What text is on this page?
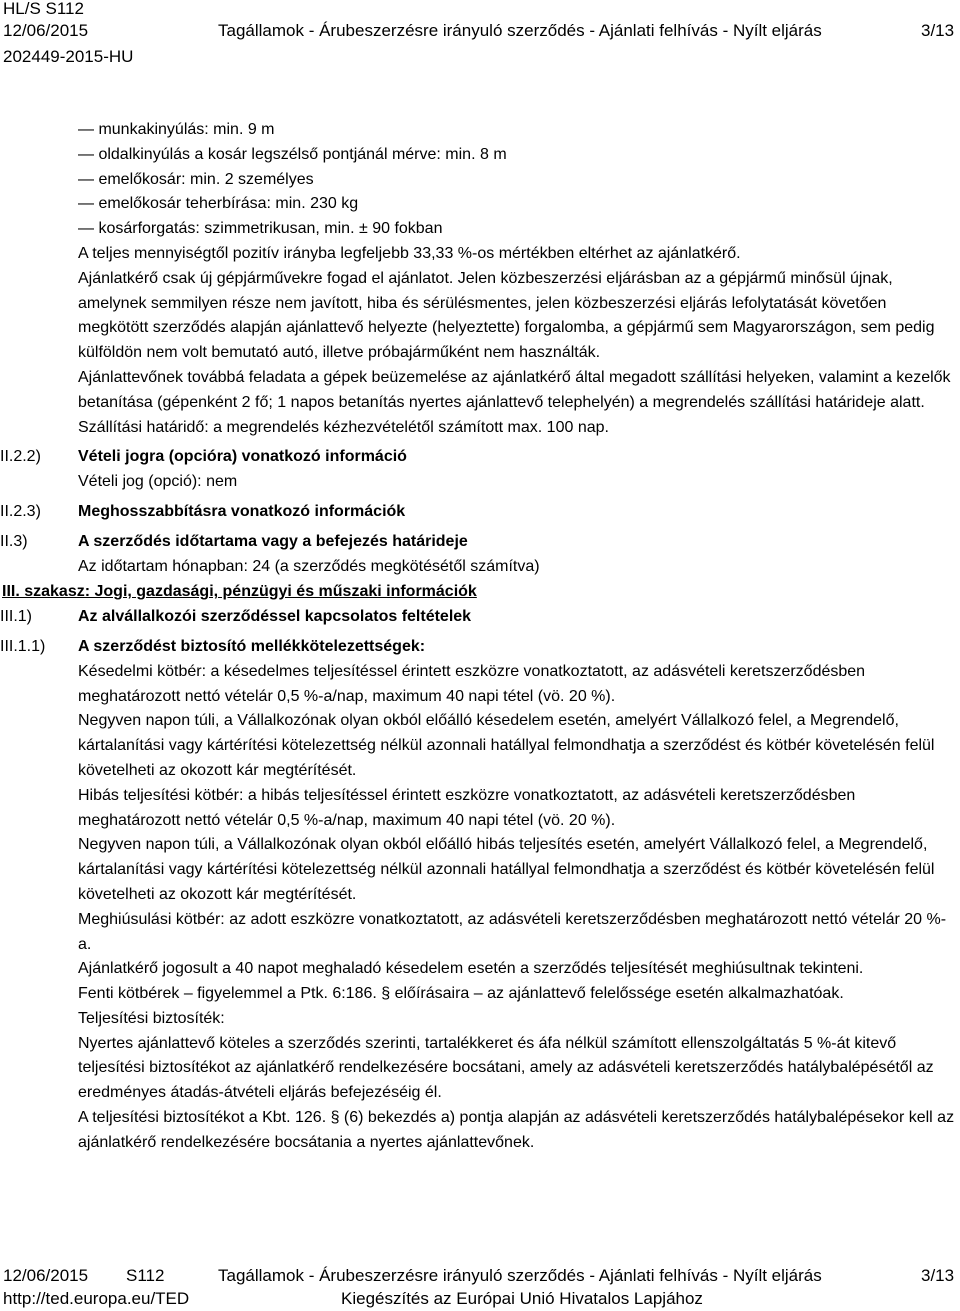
HL/S S112
12/06/2015
202449-2015-HU
Tagállamok - Árubeszerzésre irányuló szerződés - Ajánlati felhívás - Nyílt eljárás	3/13
— munkakinyúlás: min. 9 m
— oldalkinyúlás a kosár legszélső pontjánál mérve: min. 8 m
— emelőkosár: min. 2 személyes
— emelőkosár teherbírása: min. 230 kg
— kosárforgatás: szimmetrikusan, min. ± 90 fokban
A teljes mennyiségtől pozitív irányba legfeljebb 33,33 %-os mértékben eltérhet az ajánlatkérő.
Ajánlatkérő csak új gépjárművekre fogad el ajánlatot. Jelen közbeszerzési eljárásban az a gépjármű minősül újnak, amelynek semmilyen része nem javított, hiba és sérülésmentes, jelen közbeszerzési eljárás lefolytatását követően megkötött szerződés alapján ajánlattevő helyezte (helyeztette) forgalomba, a gépjármű sem Magyarországon, sem pedig külföldön nem volt bemutató autó, illetve próbajárműként nem használták.
Ajánlattevőnek továbbá feladata a gépek beüzemelése az ajánlatkérő által megadott szállítási helyeken, valamint a kezelők betanítása (gépenként 2 fő; 1 napos betanítás nyertes ajánlattevő telephelyén) a megrendelés szállítási határideje alatt.
Szállítási határidő: a megrendelés kézhezvételétől számított max. 100 nap.
II.2.2)	Vételi jogra (opcióra) vonatkozó információ
Vételi jog (opció): nem
II.2.3)	Meghosszabbításra vonatkozó információk
II.3)	A szerződés időtartama vagy a befejezés határideje
Az időtartam hónapban: 24 (a szerződés megkötésétől számítva)
III. szakasz: Jogi, gazdasági, pénzügyi és műszaki információk
III.1)	Az alvállalkozói szerződéssel kapcsolatos feltételek
III.1.1)	A szerződést biztosító mellékkötelezettségek:
Késedelmi kötbér: a késedelmes teljesítéssel érintett eszközre vonatkoztatott, az adásvételi keretszerződésben meghatározott nettó vételár 0,5 %-a/nap, maximum 40 napi tétel (vö. 20 %).
Negyven napon túli, a Vállalkozónak olyan okból előálló késedelem esetén, amelyért Vállalkozó felel, a Megrendelő, kártalanítási vagy kártérítési kötelezettség nélkül azonnali hatállyal felmondhatja a szerződést és kötbér követelésén felül követelheti az okozott kár megtérítését.
Hibás teljesítési kötbér: a hibás teljesítéssel érintett eszközre vonatkoztatott, az adásvételi keretszerződésben meghatározott nettó vételár 0,5 %-a/nap, maximum 40 napi tétel (vö. 20 %).
Negyven napon túli, a Vállalkozónak olyan okból előálló hibás teljesítés esetén, amelyért Vállalkozó felel, a Megrendelő, kártalanítási vagy kártérítési kötelezettség nélkül azonnali hatállyal felmondhatja a szerződést és kötbér követelésén felül követelheti az okozott kár megtérítését.
Meghiúsulási kötbér: az adott eszközre vonatkoztatott, az adásvételi keretszerződésben meghatározott nettó vételár 20 %-a.
Ajánlatkérő jogosult a 40 napot meghaladó késedelem esetén a szerződés teljesítését meghiúsultnak tekinteni.
Fenti kötbérek – figyelemmel a Ptk. 6:186. § előírásaira – az ajánlattevő felelőssége esetén alkalmazhatóak.
Teljesítési biztosíték:
Nyertes ajánlattevő köteles a szerződés szerinti, tartalékkeret és áfa nélkül számított ellenszolgáltatás 5 %-át kitevő teljesítési biztosítékot az ajánlatkérő rendelkezésére bocsátani, amely az adásvételi keretszerződés hatálybalépésétől az eredményes átadás-átvételi eljárás befejezéséig él.
A teljesítési biztosítékot a Kbt. 126. § (6) bekezdés a) pontja alapján az adásvételi keretszerződés hatálybalépésekor kell az ajánlatkérő rendelkezésére bocsátania a nyertes ajánlattevőnek.
12/06/2015 S112	Tagállamok - Árubeszerzésre irányuló szerződés - Ajánlati felhívás - Nyílt eljárás	3/13
http://ted.europa.eu/TED	Kiegészítés az Európai Unió Hivatalos Lapjához
